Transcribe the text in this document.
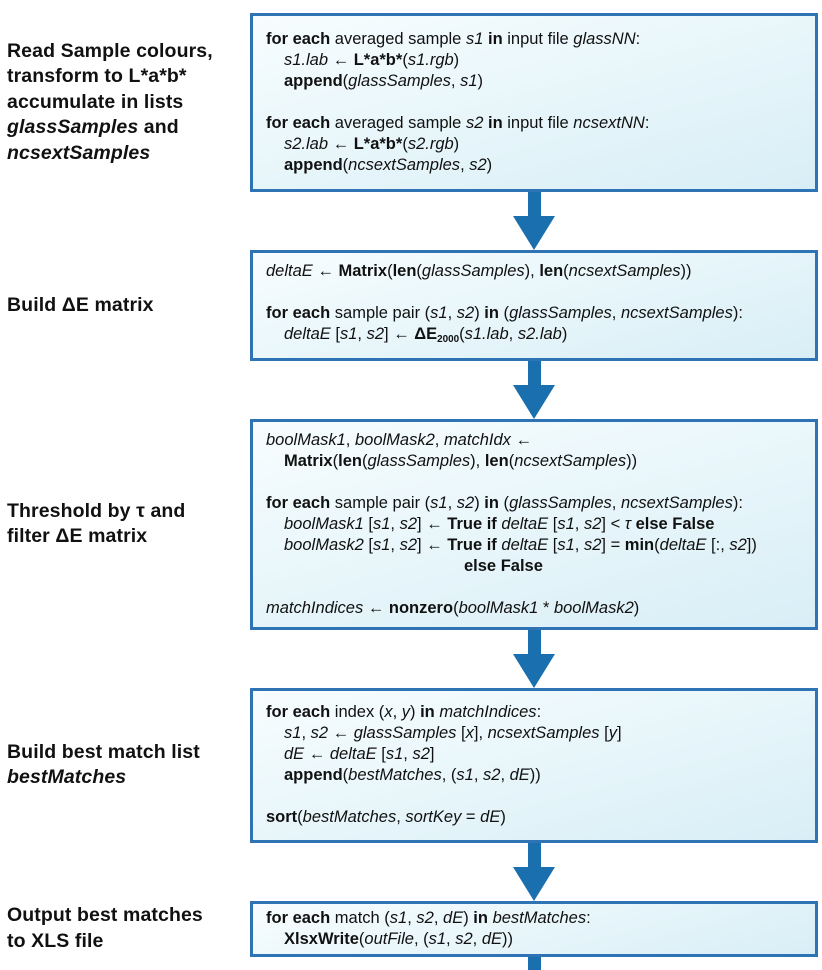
Read Sample colours,
transform to L*a*b*
accumulate in lists
glassSamples and
ncsextSamples
for each averaged sample s1 in input file glassNN:
s1.lab ← L*a*b*(s1.rgb)
append(glassSamples, s1)

for each averaged sample s2 in input file ncsextNN:
s2.lab ← L*a*b*(s2.rgb)
append(ncsextSamples, s2)
Build ΔE matrix
deltaE ← Matrix(len(glassSamples), len(ncsextSamples))

for each sample pair (s1, s2) in (glassSamples, ncsextSamples):
deltaE [s1, s2] ← ΔE2000(s1.lab, s2.lab)
Threshold by τ and
filter ΔE matrix
boolMask1, boolMask2, matchIdx ←
Matrix(len(glassSamples), len(ncsextSamples))

for each sample pair (s1, s2) in (glassSamples, ncsextSamples):
boolMask1 [s1, s2] ← True if deltaE [s1, s2] < τ else False
boolMask2 [s1, s2] ← True if deltaE [s1, s2] = min(deltaE [:, s2])
else False

matchIndices ← nonzero(boolMask1 * boolMask2)
Build best match list
bestMatches
for each index (x, y) in matchIndices:
s1, s2 ← glassSamples [x], ncsextSamples [y]
dE ← deltaE [s1, s2]
append(bestMatches, (s1, s2, dE))

sort(bestMatches, sortKey = dE)
Output best matches
to XLS file
for each match (s1, s2, dE) in bestMatches:
XlsxWrite(outFile, (s1, s2, dE))
